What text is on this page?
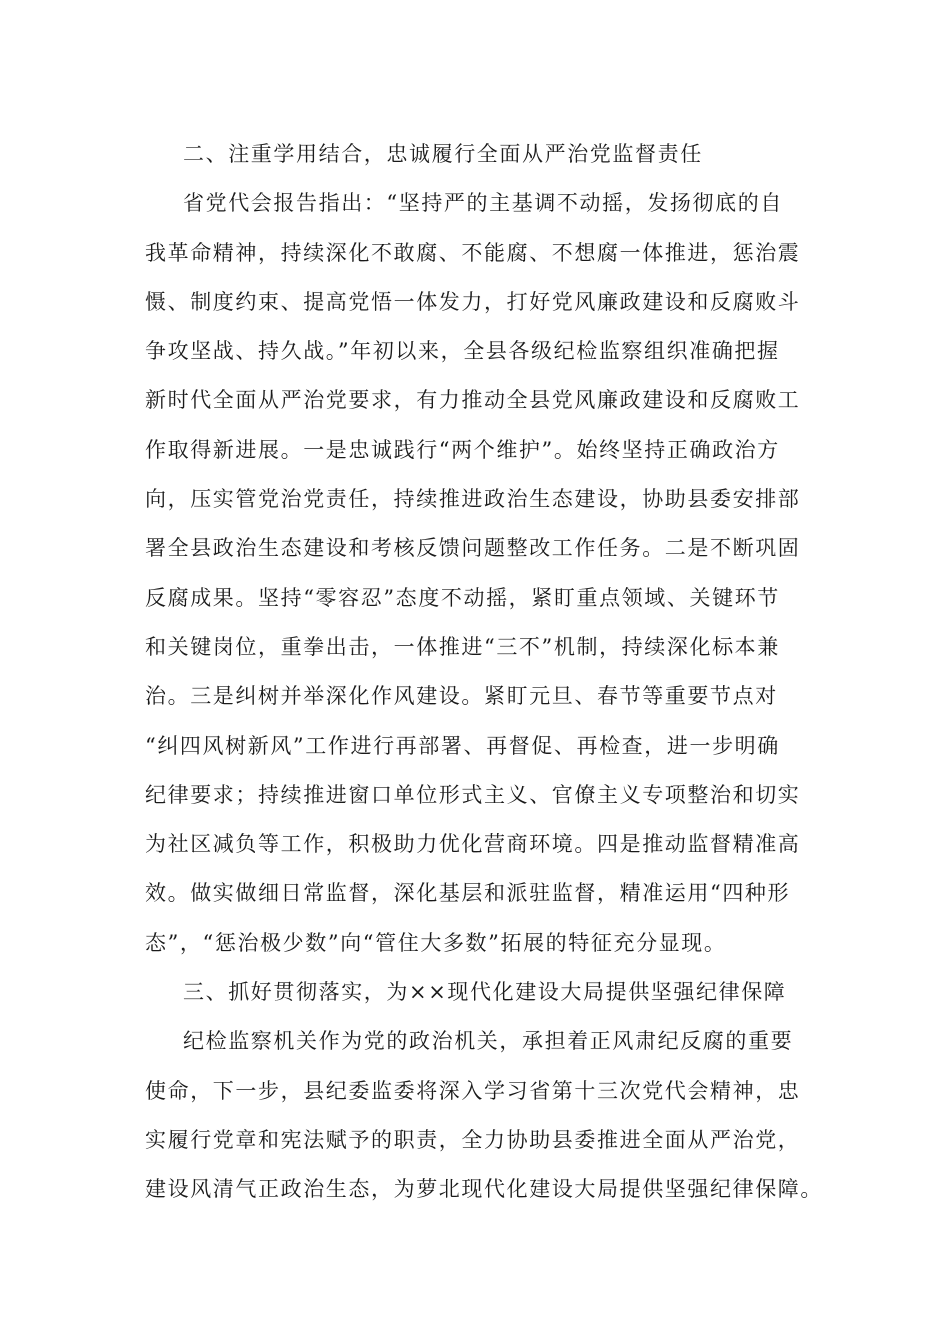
二、注重学用结合，忠诚履行全面从严治党监督责任
省党代会报告指出：“坚持严的主基调不动摇，发扬彻底的自
我革命精神，持续深化不敢腐、不能腐、不想腐一体推进，惩治震
慑、制度约束、提高党悟一体发力，打好党风廉政建设和反腐败斗
争攻坚战、持久战。”年初以来，全县各级纪检监察组织准确把握
新时代全面从严治党要求，有力推动全县党风廉政建设和反腐败工
作取得新进展。一是忠诚践行“两个维护”。始终坚持正确政治方
向，压实管党治党责任，持续推进政治生态建设，协助县委安排部
署全县政治生态建设和考核反馈问题整改工作任务。二是不断巩固
反腐成果。坚持“零容忍”态度不动摇，紧盯重点领域、关键环节
和关键岗位，重拳出击，一体推进“三不”机制，持续深化标本兼
治。三是纠树并举深化作风建设。紧盯元旦、春节等重要节点对
“纠四风树新风”工作进行再部署、再督促、再检查，进一步明确
纪律要求；持续推进窗口单位形式主义、官僚主义专项整治和切实
为社区减负等工作，积极助力优化营商环境。四是推动监督精准高
效。做实做细日常监督，深化基层和派驻监督，精准运用“四种形
态”，“惩治极少数”向“管住大多数”拓展的特征充分显现。
三、抓好贯彻落实，为××现代化建设大局提供坚强纪律保障
纪检监察机关作为党的政治机关，承担着正风肃纪反腐的重要
使命，下一步，县纪委监委将深入学习省第十三次党代会精神，忠
实履行党章和宪法赋予的职责，全力协助县委推进全面从严治党，
建设风清气正政治生态，为萝北现代化建设大局提供坚强纪律保障。
